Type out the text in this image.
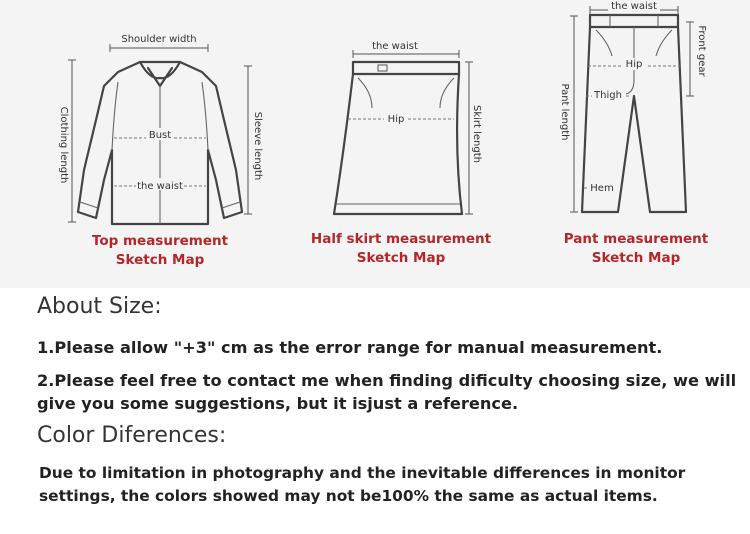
Shoulder width
Clothing length	Sleeve length
Bust
the waist
the waist
Hip	Skirt length
the waist
Hip
Thigh
Hem
Pant length
Front gear
Top measurement
Sketch Map
Half skirt measurement
Sketch Map
Pant measurement
Sketch Map
About Size:

1.Please allow "+3" cm as the error range for manual measurement.

2.Please feel free to contact me when finding dificulty choosing size, we will

give you some suggestions, but it isjust a reference.

Color Diferences:

Due to limitation in photography and the inevitable differences in monitor

settings, the colors showed may not be100% the same as actual items.
